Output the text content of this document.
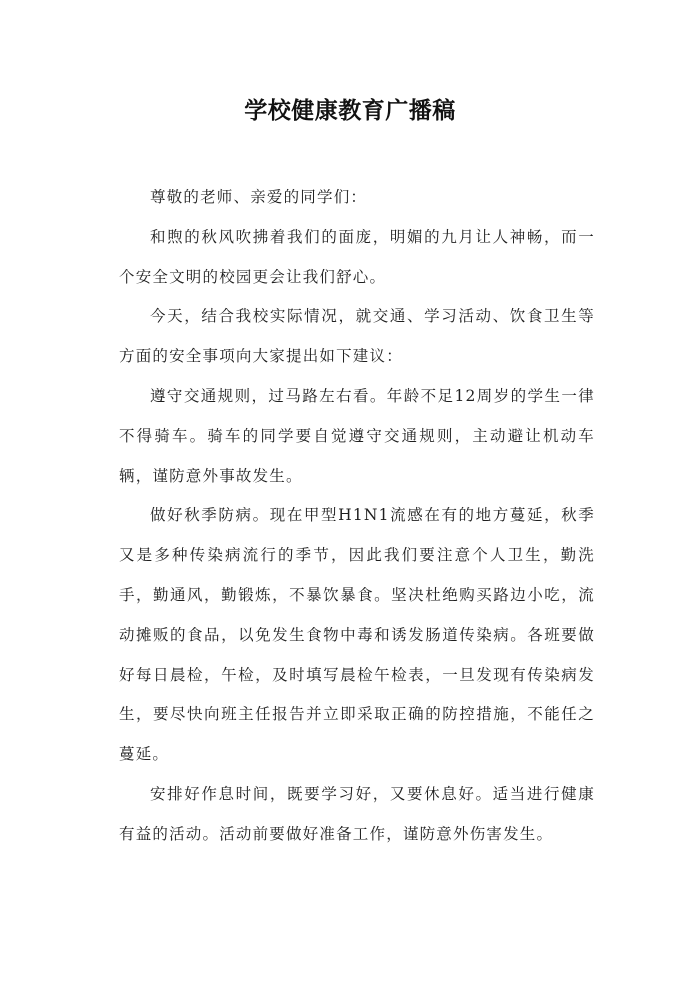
学校健康教育广播稿

尊敬的老师、亲爱的同学们：

和煦的秋风吹拂着我们的面庞，明媚的九月让人神畅，而一个安全文明的校园更会让我们舒心。

今天，结合我校实际情况，就交通、学习活动、饮食卫生等方面的安全事项向大家提出如下建议：

遵守交通规则，过马路左右看。年龄不足12周岁的学生一律不得骑车。骑车的同学要自觉遵守交通规则，主动避让机动车辆，谨防意外事故发生。

做好秋季防病。现在甲型H1N1流感在有的地方蔓延，秋季又是多种传染病流行的季节，因此我们要注意个人卫生，勤洗手，勤通风，勤锻炼，不暴饮暴食。坚决杜绝购买路边小吃，流动摊贩的食品，以免发生食物中毒和诱发肠道传染病。各班要做好每日晨检，午检，及时填写晨检午检表，一旦发现有传染病发生，要尽快向班主任报告并立即采取正确的防控措施，不能任之蔓延。

安排好作息时间，既要学习好，又要休息好。适当进行健康有益的活动。活动前要做好准备工作，谨防意外伤害发生。
